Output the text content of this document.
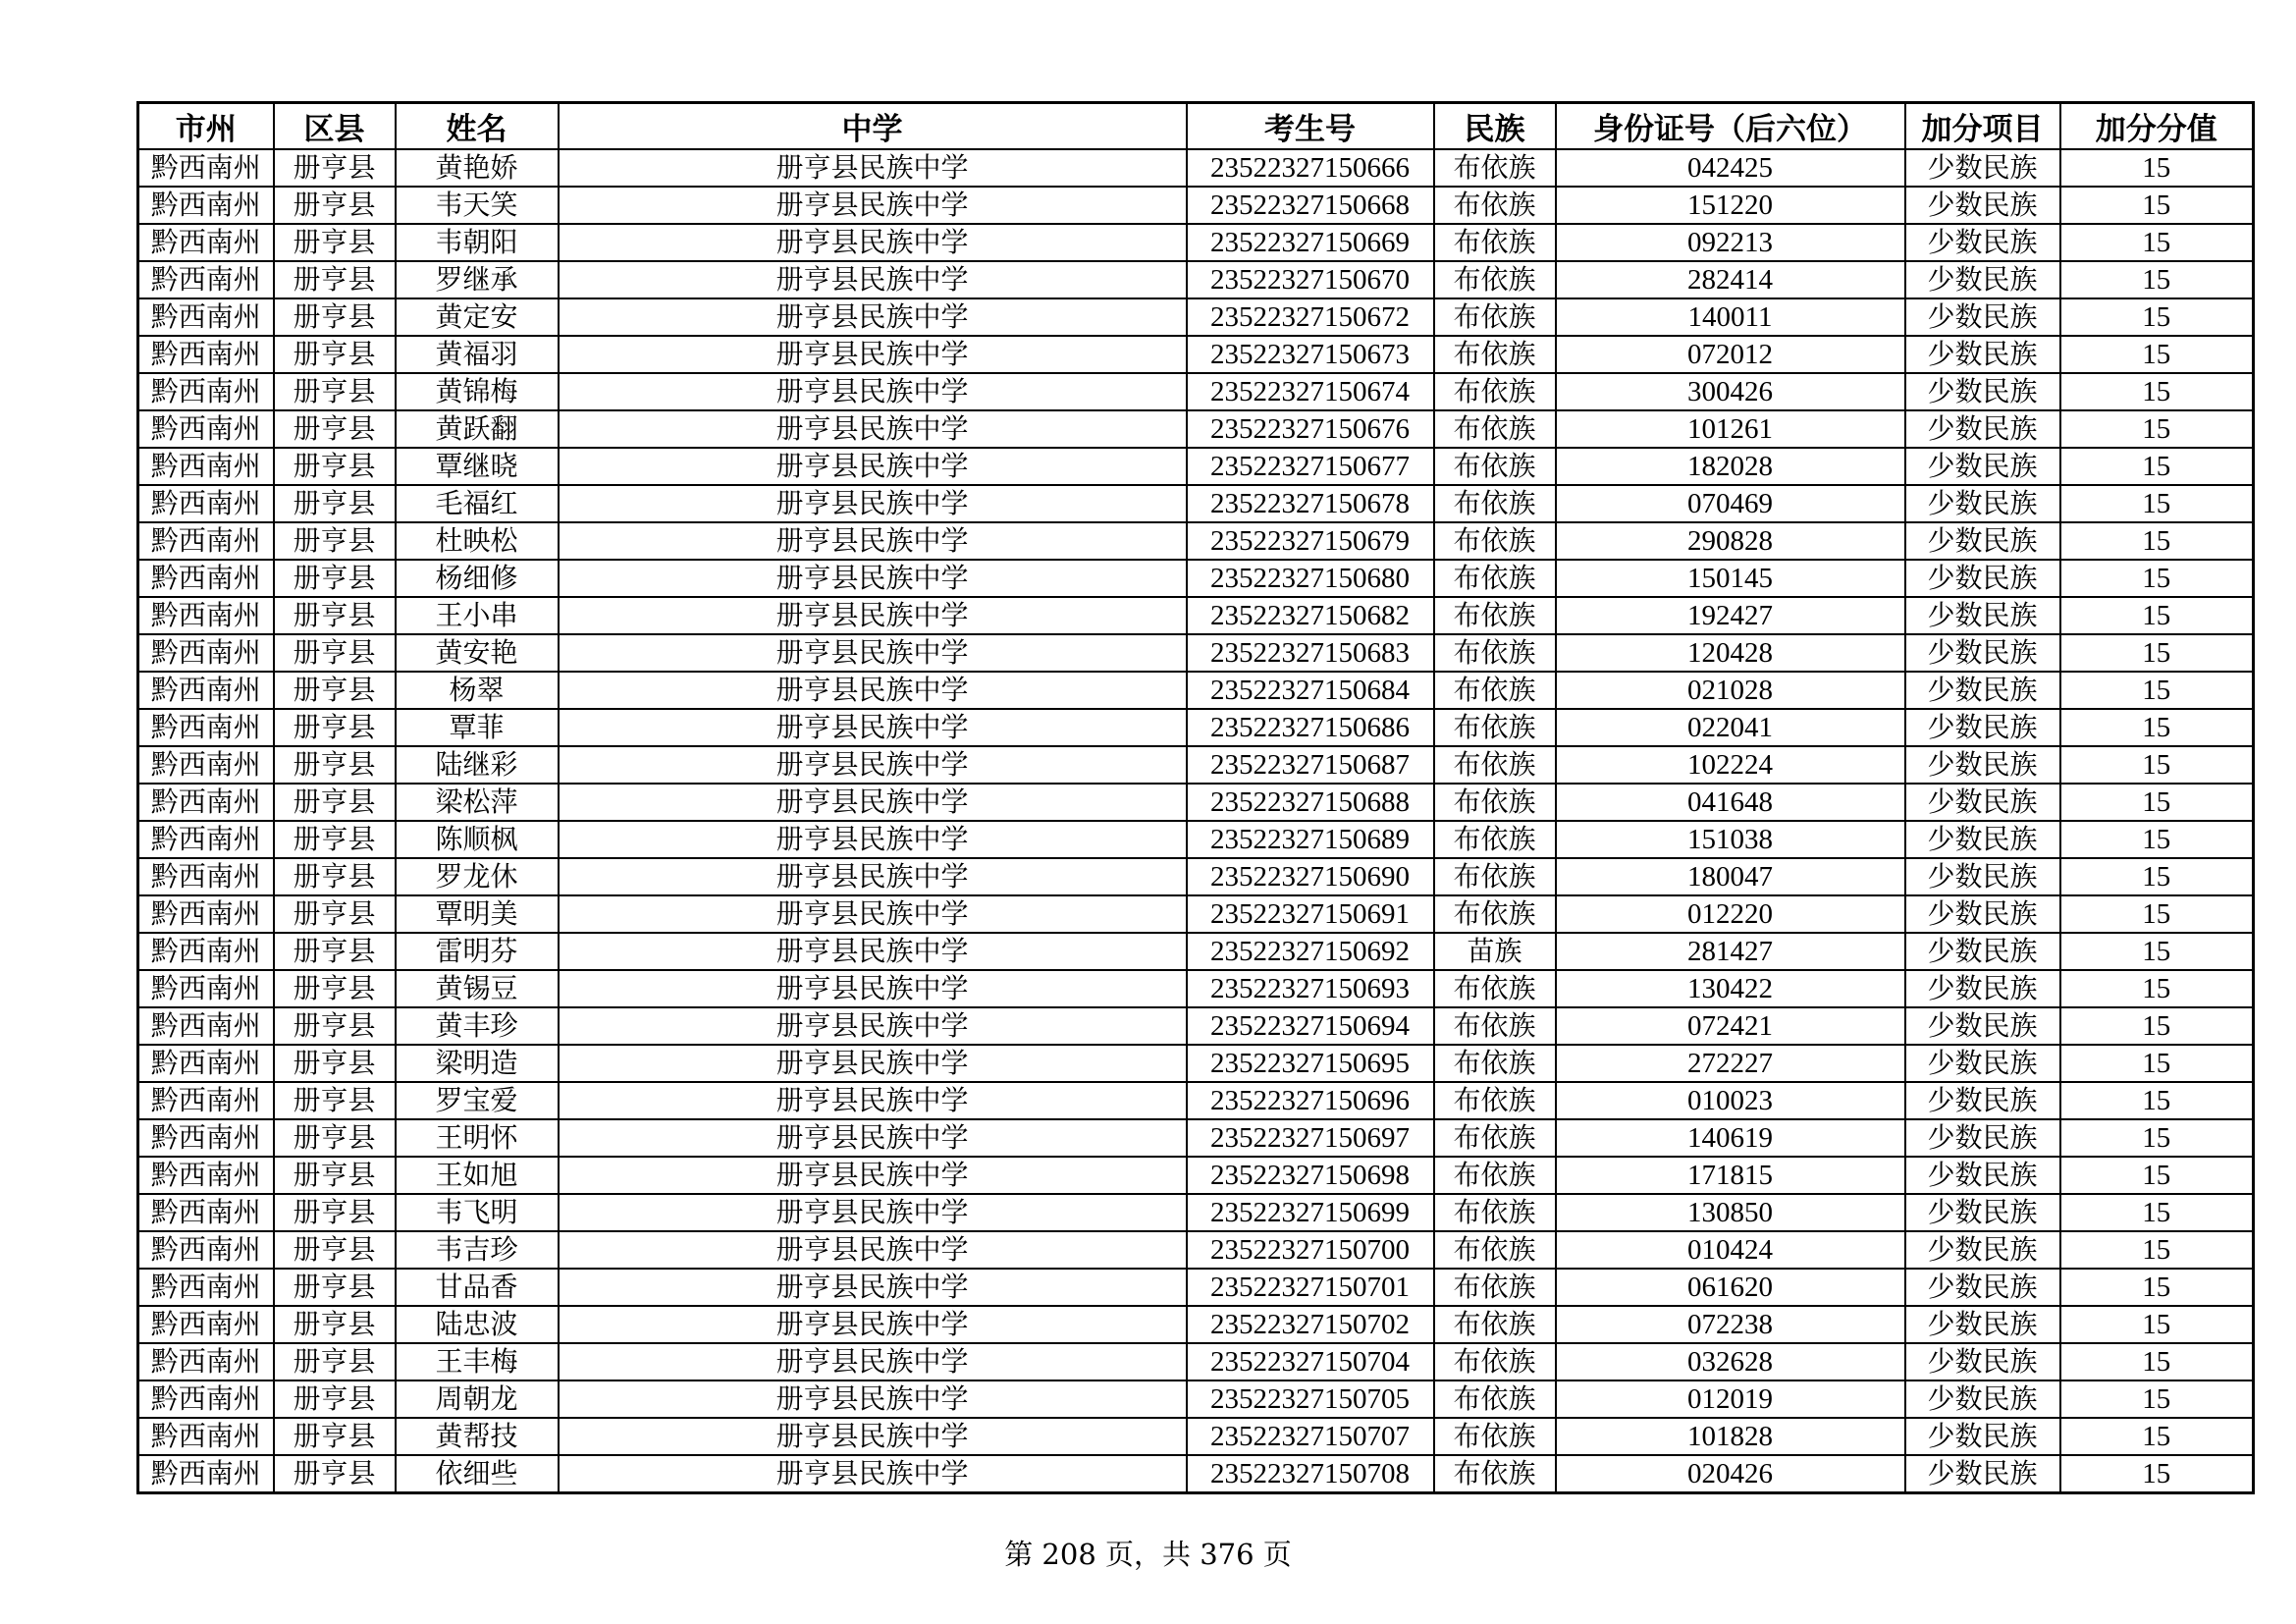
市州	区县	姓名	中学	考生号	民族	身份证号（后六位）	加分项目	加分分值
黔西南州	册亨县	黄艳娇	册亨县民族中学	23522327150666	布依族	042425	少数民族	15
黔西南州	册亨县	韦天笑	册亨县民族中学	23522327150668	布依族	151220	少数民族	15
黔西南州	册亨县	韦朝阳	册亨县民族中学	23522327150669	布依族	092213	少数民族	15
黔西南州	册亨县	罗继承	册亨县民族中学	23522327150670	布依族	282414	少数民族	15
黔西南州	册亨县	黄定安	册亨县民族中学	23522327150672	布依族	140011	少数民族	15
黔西南州	册亨县	黄福羽	册亨县民族中学	23522327150673	布依族	072012	少数民族	15
黔西南州	册亨县	黄锦梅	册亨县民族中学	23522327150674	布依族	300426	少数民族	15
黔西南州	册亨县	黄跃翻	册亨县民族中学	23522327150676	布依族	101261	少数民族	15
黔西南州	册亨县	覃继晓	册亨县民族中学	23522327150677	布依族	182028	少数民族	15
黔西南州	册亨县	毛福红	册亨县民族中学	23522327150678	布依族	070469	少数民族	15
黔西南州	册亨县	杜映松	册亨县民族中学	23522327150679	布依族	290828	少数民族	15
黔西南州	册亨县	杨细修	册亨县民族中学	23522327150680	布依族	150145	少数民族	15
黔西南州	册亨县	王小串	册亨县民族中学	23522327150682	布依族	192427	少数民族	15
黔西南州	册亨县	黄安艳	册亨县民族中学	23522327150683	布依族	120428	少数民族	15
黔西南州	册亨县	杨翠	册亨县民族中学	23522327150684	布依族	021028	少数民族	15
黔西南州	册亨县	覃菲	册亨县民族中学	23522327150686	布依族	022041	少数民族	15
黔西南州	册亨县	陆继彩	册亨县民族中学	23522327150687	布依族	102224	少数民族	15
黔西南州	册亨县	梁松萍	册亨县民族中学	23522327150688	布依族	041648	少数民族	15
黔西南州	册亨县	陈顺枫	册亨县民族中学	23522327150689	布依族	151038	少数民族	15
黔西南州	册亨县	罗龙休	册亨县民族中学	23522327150690	布依族	180047	少数民族	15
黔西南州	册亨县	覃明美	册亨县民族中学	23522327150691	布依族	012220	少数民族	15
黔西南州	册亨县	雷明芬	册亨县民族中学	23522327150692	苗族	281427	少数民族	15
黔西南州	册亨县	黄锡豆	册亨县民族中学	23522327150693	布依族	130422	少数民族	15
黔西南州	册亨县	黄丰珍	册亨县民族中学	23522327150694	布依族	072421	少数民族	15
黔西南州	册亨县	梁明造	册亨县民族中学	23522327150695	布依族	272227	少数民族	15
黔西南州	册亨县	罗宝爱	册亨县民族中学	23522327150696	布依族	010023	少数民族	15
黔西南州	册亨县	王明怀	册亨县民族中学	23522327150697	布依族	140619	少数民族	15
黔西南州	册亨县	王如旭	册亨县民族中学	23522327150698	布依族	171815	少数民族	15
黔西南州	册亨县	韦飞明	册亨县民族中学	23522327150699	布依族	130850	少数民族	15
黔西南州	册亨县	韦吉珍	册亨县民族中学	23522327150700	布依族	010424	少数民族	15
黔西南州	册亨县	甘品香	册亨县民族中学	23522327150701	布依族	061620	少数民族	15
黔西南州	册亨县	陆忠波	册亨县民族中学	23522327150702	布依族	072238	少数民族	15
黔西南州	册亨县	王丰梅	册亨县民族中学	23522327150704	布依族	032628	少数民族	15
黔西南州	册亨县	周朝龙	册亨县民族中学	23522327150705	布依族	012019	少数民族	15
黔西南州	册亨县	黄帮技	册亨县民族中学	23522327150707	布依族	101828	少数民族	15
黔西南州	册亨县	依细些	册亨县民族中学	23522327150708	布依族	020426	少数民族	15
第 208 页，共 376 页
